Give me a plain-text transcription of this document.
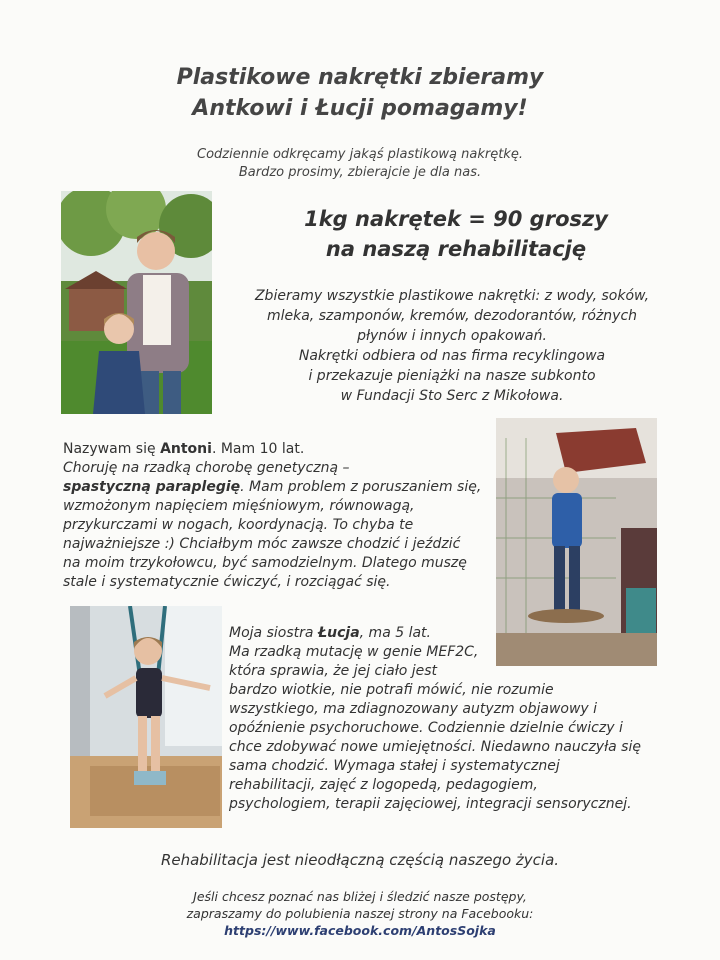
Plastikowe nakrętki zbieramy
Antkowi i Łucji pomagamy!
Codziennie odkręcamy jakąś plastikową nakrętkę.
Bardzo prosimy, zbierajcie je dla nas.
1kg nakrętek = 90 groszy
na naszą rehabilitację
Zbieramy wszystkie plastikowe nakrętki: z wody, soków,
mleka, szamponów, kremów, dezodorantów, różnych
płynów i innych opakowań.
Nakrętki odbiera od nas firma recyklingowa
i przekazuje pieniążki na nasze subkonto
w Fundacji Sto Serc z Mikołowa.
Nazywam się Antoni. Mam 10 lat.
Choruję na rzadką chorobę genetyczną –
spastyczną paraplegię. Mam problem z poruszaniem się,
wzmożonym napięciem mięśniowym, równowagą,
przykurczami w nogach, koordynacją. To chyba te
najważniejsze :) Chciałbym móc zawsze chodzić i jeździć
na moim trzykołowcu, być samodzielnym. Dlatego muszę
stale i systematycznie ćwiczyć, i rozciągać się.
Moja siostra Łucja, ma 5 lat.
Ma rzadką mutację w genie MEF2C,
która sprawia, że jej ciało jest
bardzo wiotkie, nie potrafi mówić, nie rozumie
wszystkiego, ma zdiagnozowany autyzm objawowy i
opóźnienie psychoruchowe. Codziennie dzielnie ćwiczy i
chce zdobywać nowe umiejętności. Niedawno nauczyła się
sama chodzić. Wymaga stałej i systematycznej
rehabilitacji, zajęć z logopedą, pedagogiem,
psychologiem, terapii zajęciowej, integracji sensorycznej.
Rehabilitacja jest nieodłączną częścią naszego życia.
Jeśli chcesz poznać nas bliżej i śledzić nasze postępy,
zapraszamy do polubienia naszej strony na Facebooku:
https://www.facebook.com/AntosSojka
